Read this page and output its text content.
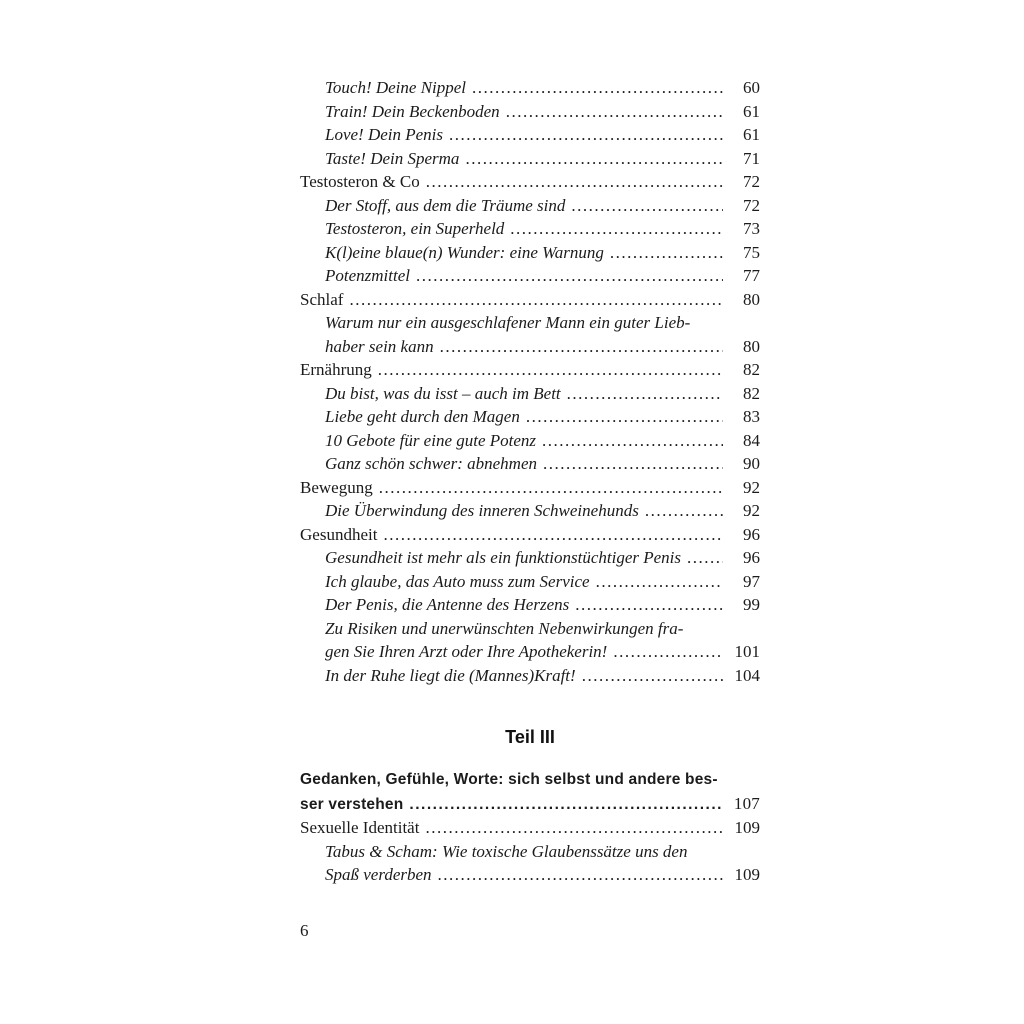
Touch! Deine Nippel .....	60
Train! Dein Beckenboden .....	61
Love! Dein Penis .....	61
Taste! Dein Sperma .....	71
Testosteron & Co .....	72
Der Stoff, aus dem die Träume sind .....	72
Testosteron, ein Superheld .....	73
K(l)eine blaue(n) Wunder: eine Warnung .....	75
Potenzmittel .....	77
Schlaf .....	80
Warum nur ein ausgeschlafener Mann ein guter Lieb-
haber sein kann .....	80
Ernährung .....	82
Du bist, was du isst – auch im Bett .....	82
Liebe geht durch den Magen .....	83
10 Gebote für eine gute Potenz .....	84
Ganz schön schwer: abnehmen .....	90
Bewegung .....	92
Die Überwindung des inneren Schweinehunds .....	92
Gesundheit .....	96
Gesundheit ist mehr als ein funktionstüchtiger Penis .....	96
Ich glaube, das Auto muss zum Service .....	97
Der Penis, die Antenne des Herzens .....	99
Zu Risiken und unerwünschten Nebenwirkungen fra-
gen Sie Ihren Arzt oder Ihre Apothekerin! .....	101
In der Ruhe liegt die (Mannes)Kraft! .....	104
Teil III
Gedanken, Gefühle, Worte: sich selbst und andere bes-
ser verstehen .....	107
Sexuelle Identität .....	109
Tabus & Scham: Wie toxische Glaubenssätze uns den
Spaß verderben .....	109
6
